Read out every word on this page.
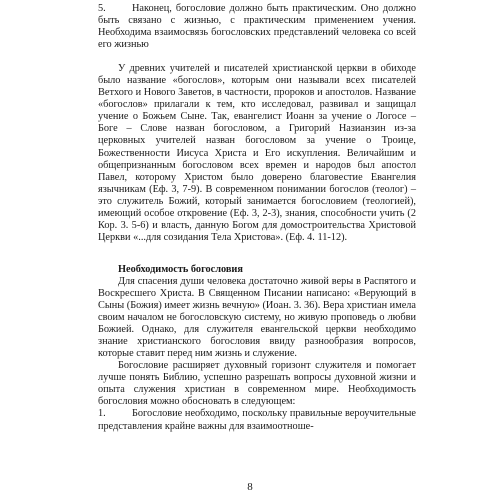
5.	Наконец, богословие должно быть практическим. Оно должно быть связано с жизнью, с практическим применением учения. Необходима взаимосвязь богословских представлений человека со всей его жизнью

У древних учителей и писателей христианской церкви в обиходе было название «богослов», которым они называли всех писателей Ветхого и Нового Заветов, в частности, пророков и апостолов. Название «богослов» прилагали к тем, кто исследовал, развивал и защищал учение о Божьем Сыне. Так, евангелист Иоанн за учение о Логосе – Боге – Слове назван богословом, а Григорий Назианзин из-за церковных учителей назван богословом за учение о Троице, Божественности Иисуса Христа и Его искупления. Величайшим и общепризнанным богословом всех времен и народов был апостол Павел, которому Христом было доверено благовестие Евангелия язычникам (Еф. 3, 7-9). В современном понимании богослов (теолог) – это служитель Божий, который занимается богословием (теологией), имеющий особое откровение (Еф. 3, 2-3), знания, способности учить (2 Кор. 3. 5-6) и власть, данную Богом для домостроительства Христовой Церкви «...для созидания Тела Христова». (Еф. 4. 11-12).

Необходимость богословия

Для спасения души человека достаточно живой веры в Распятого и Воскресшего Христа. В Священном Писании написано: «Верующий в Сыны (Божия) имеет жизнь вечную» (Иоан. 3. 36). Вера христиан имела своим началом не богословскую систему, но живую проповедь о любви Божией. Однако, для служителя евангельской церкви необходимо знание христианского богословия ввиду разнообразия вопросов, которые ставит перед ним жизнь и служение.

Богословие расширяет духовный горизонт служителя и помогает лучше понять Библию, успешно разрешать вопросы духовной жизни и опыта служения христиан в современном мире. Необходимость богословия можно обосновать в следующем:

1.	Богословие необходимо, поскольку правильные вероучительные представления крайне важны для взаимоотноше-

8
